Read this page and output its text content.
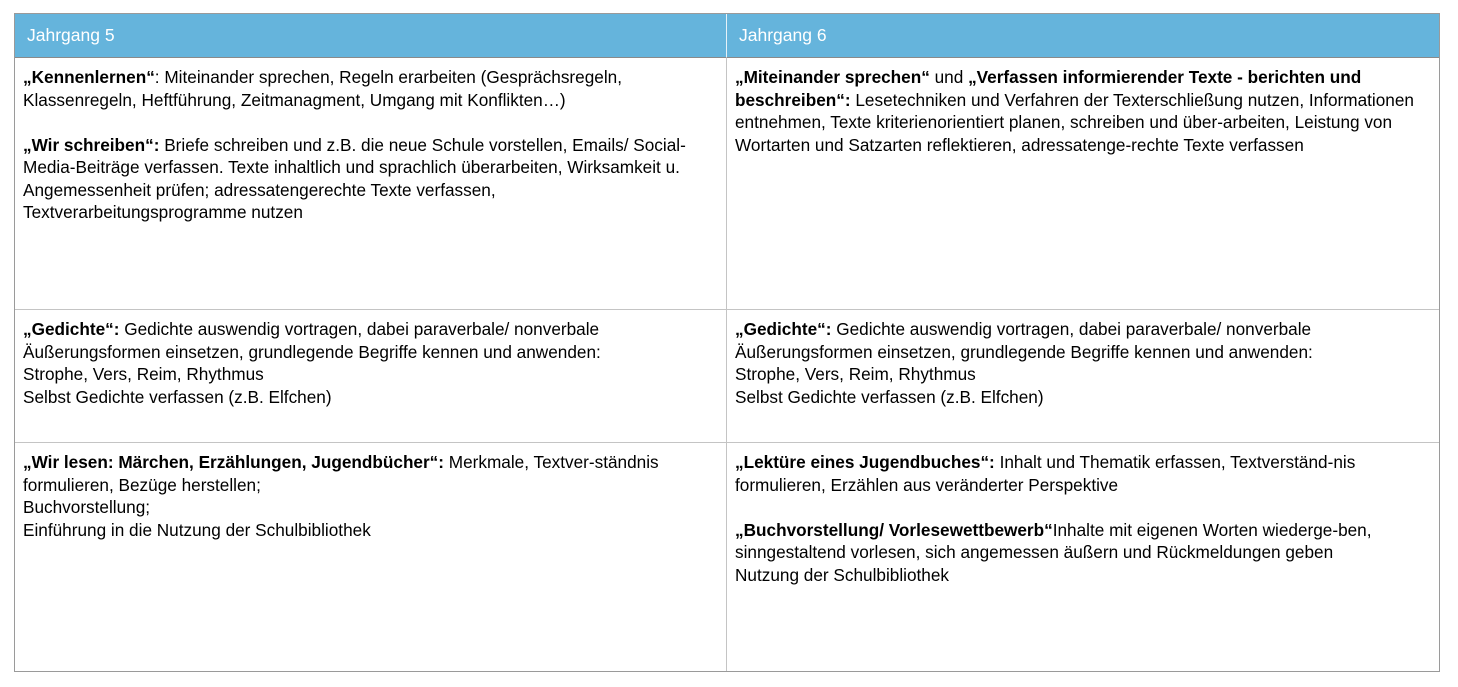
Jahrgang 5	Jahrgang 6

„Kennenlernen“: Miteinander sprechen, Regeln erarbeiten (Gesprächsregeln, Klassenregeln, Heftführung, Zeitmanagment, Umgang mit Konflikten…)

„Wir schreiben“: Briefe schreiben und z.B. die neue Schule vorstellen, Emails/ Social-Media-Beiträge verfassen. Texte inhaltlich und sprachlich überarbeiten, Wirksamkeit u. Angemessenheit prüfen; adressatengerechte Texte verfassen, Textverarbeitungsprogramme nutzen

„Miteinander sprechen“ und „Verfassen informierender Texte - berichten und beschreiben“: Lesetechniken und Verfahren der Texterschließung nutzen, Informationen entnehmen, Texte kriterienorientiert planen, schreiben und über-arbeiten, Leistung von Wortarten und Satzarten reflektieren, adressatenge-rechte Texte verfassen

„Gedichte“: Gedichte auswendig vortragen, dabei paraverbale/ nonverbale Äußerungsformen einsetzen, grundlegende Begriffe kennen und anwenden:

Strophe, Vers, Reim, Rhythmus
Selbst Gedichte verfassen (z.B. Elfchen)

„Gedichte“: Gedichte auswendig vortragen, dabei paraverbale/ nonverbale Äußerungsformen einsetzen, grundlegende Begriffe kennen und anwenden:

Strophe, Vers, Reim, Rhythmus
Selbst Gedichte verfassen (z.B. Elfchen)

„Wir lesen: Märchen, Erzählungen, Jugendbücher“: Merkmale, Textver-ständnis formulieren, Bezüge herstellen;

Buchvorstellung;
Einführung in die Nutzung der Schulbibliothek

„Lektüre eines Jugendbuches“: Inhalt und Thematik erfassen, Textverständ-nis formulieren, Erzählen aus veränderter Perspektive

„Buchvorstellung/ Vorlesewettbewerb“Inhalte mit eigenen Worten wiederge-ben, sinngestaltend vorlesen, sich angemessen äußern und Rückmeldungen geben

Nutzung der Schulbibliothek
